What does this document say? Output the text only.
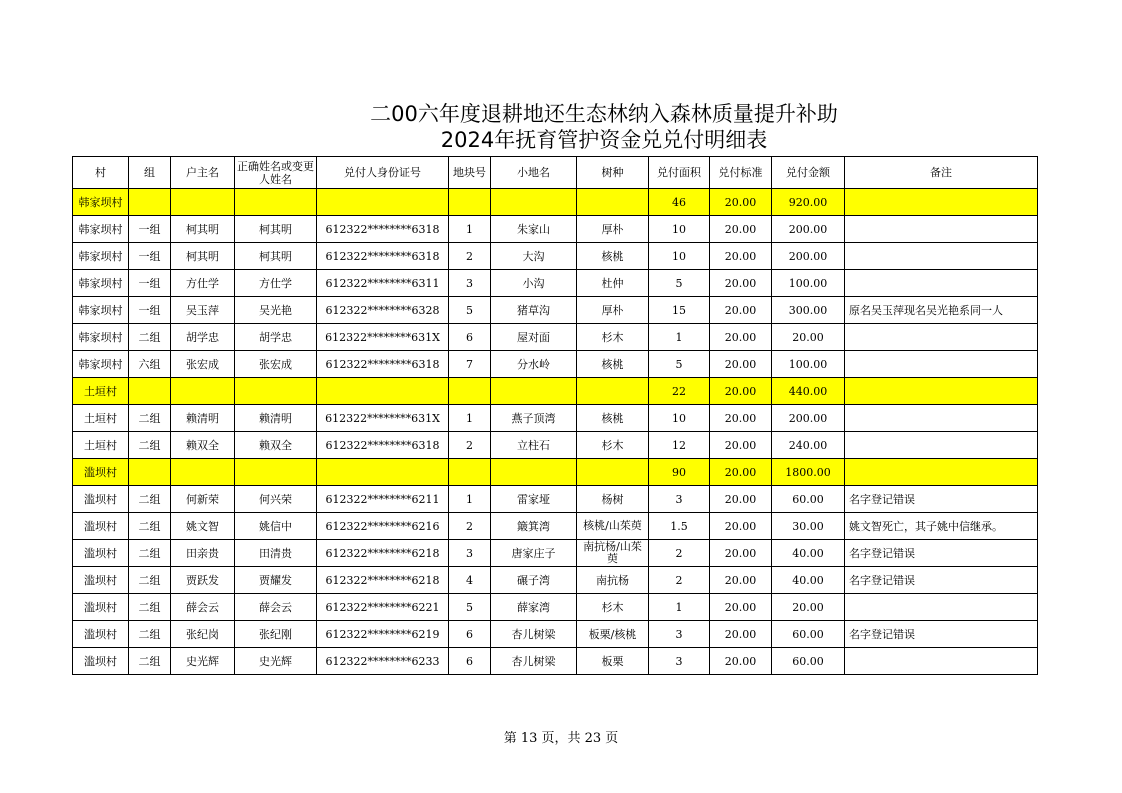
二00六年度退耕地还生态林纳入森林质量提升补助
2024年抚育管护资金兑兑付明细表
村	组	户主名	正确姓名或变更人姓名	兑付人身份证号	地块号	小地名	树种	兑付面积	兑付标准	兑付金额	备注
韩家坝村								46	20.00	920.00	
韩家坝村	一组	柯其明	柯其明	612322********6318	1	朱家山	厚朴	10	20.00	200.00	
韩家坝村	一组	柯其明	柯其明	612322********6318	2	大沟	核桃	10	20.00	200.00	
韩家坝村	一组	方仕学	方仕学	612322********6311	3	小沟	杜仲	5	20.00	100.00	
韩家坝村	一组	吴玉萍	吴光艳	612322********6328	5	猪草沟	厚朴	15	20.00	300.00	原名吴玉萍现名吴光艳系同一人
韩家坝村	二组	胡学忠	胡学忠	612322********631X	6	屋对面	杉木	1	20.00	20.00	
韩家坝村	六组	张宏成	张宏成	612322********6318	7	分水岭	核桃	5	20.00	100.00	
土垣村								22	20.00	440.00	
土垣村	二组	赖清明	赖清明	612322********631X	1	燕子顶湾	核桃	10	20.00	200.00	
土垣村	二组	赖双全	赖双全	612322********6318	2	立柱石	杉木	12	20.00	240.00	
滥坝村								90	20.00	1800.00	
滥坝村	二组	何新荣	何兴荣	612322********6211	1	雷家垭	杨树	3	20.00	60.00	名字登记错误
滥坝村	二组	姚文智	姚信中	612322********6216	2	簸箕湾	核桃/山茱萸	1.5	20.00	30.00	姚文智死亡，其子姚中信继承。
滥坝村	二组	田亲贵	田清贵	612322********6218	3	唐家庄子	南抗杨/山茱萸	2	20.00	40.00	名字登记错误
滥坝村	二组	贾跃发	贾耀发	612322********6218	4	碾子湾	南抗杨	2	20.00	40.00	名字登记错误
滥坝村	二组	薛会云	薛会云	612322********6221	5	薛家湾	杉木	1	20.00	20.00	
滥坝村	二组	张纪岗	张纪刚	612322********6219	6	杏儿树梁	板栗/核桃	3	20.00	60.00	名字登记错误
滥坝村	二组	史光辉	史光辉	612322********6233	6	杏儿树梁	板栗	3	20.00	60.00	
第 13 页，共 23 页
